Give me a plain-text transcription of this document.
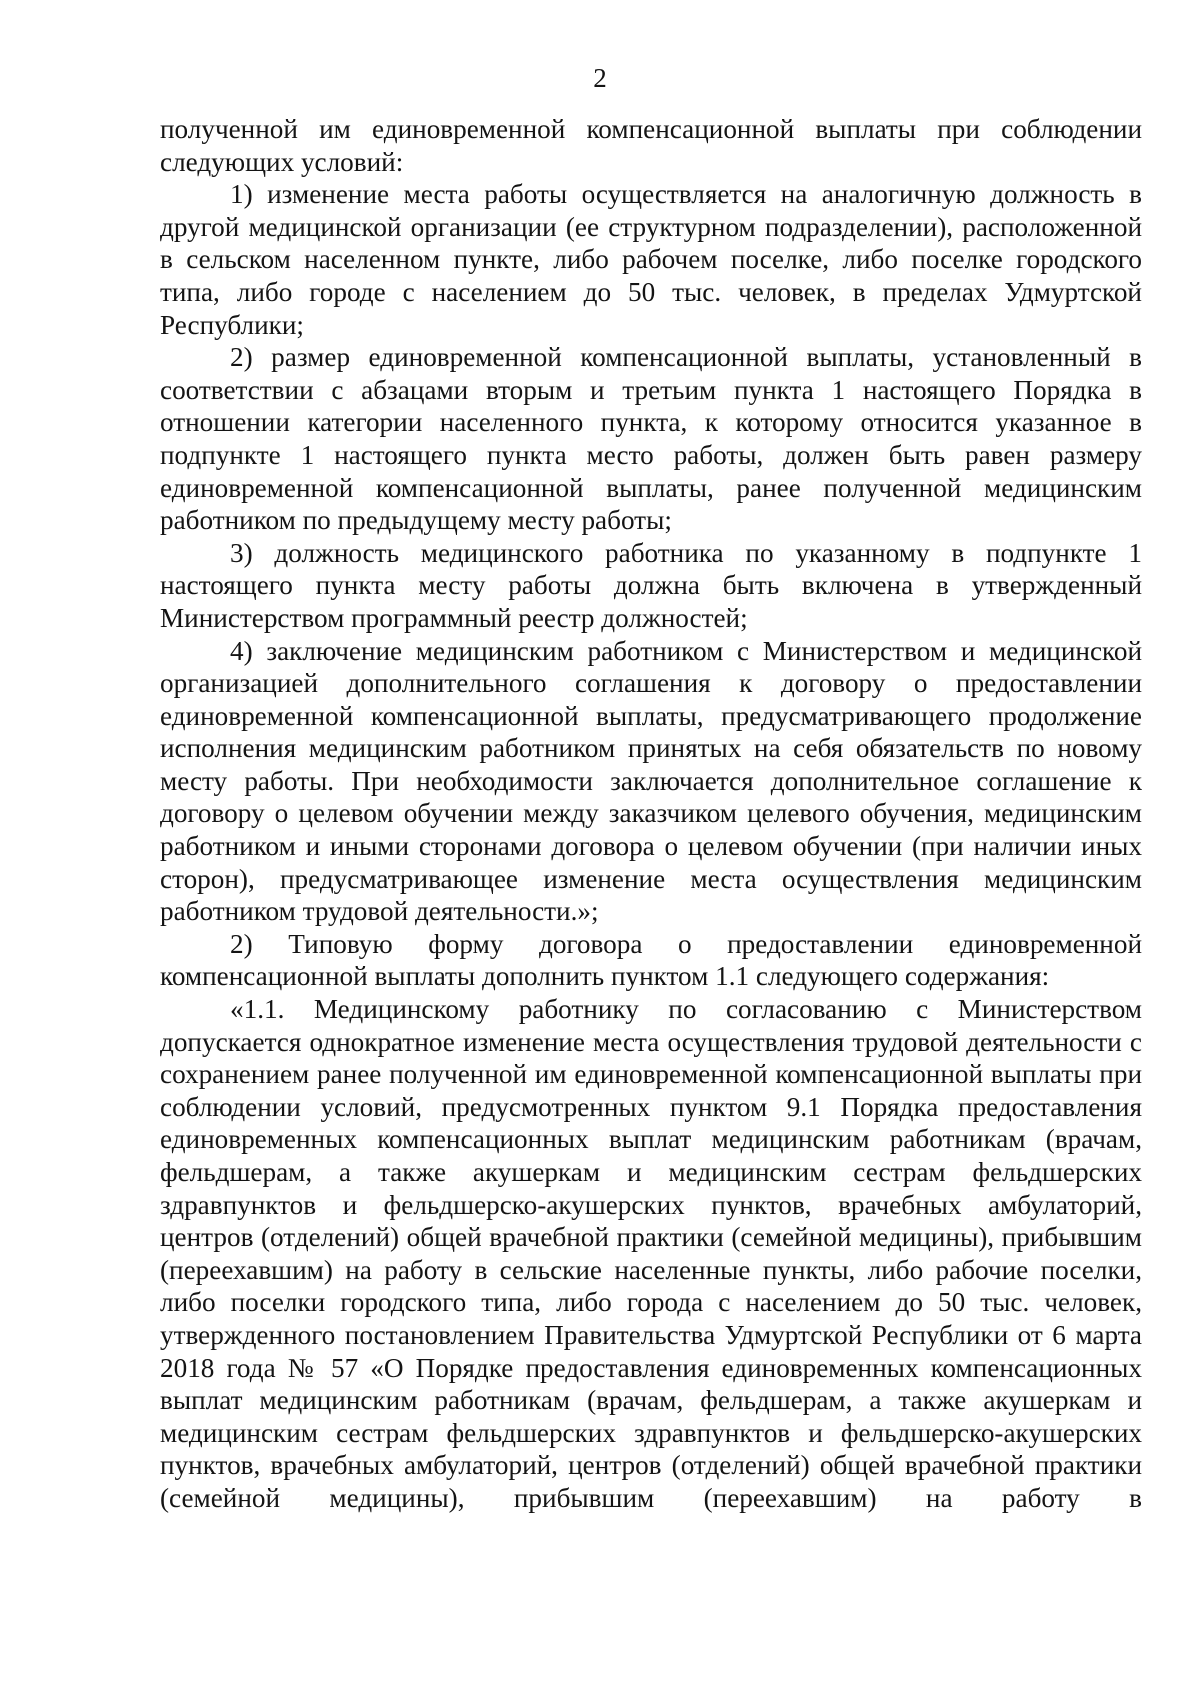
2

полученной им единовременной компенсационной выплаты при соблюдении следующих условий:

1) изменение места работы осуществляется на аналогичную должность в другой медицинской организации (ее структурном подразделении), расположенной в сельском населенном пункте, либо рабочем поселке, либо поселке городского типа, либо городе с населением до 50 тыс. человек, в пределах Удмуртской Республики;

2) размер единовременной компенсационной выплаты, установленный в соответствии с абзацами вторым и третьим пункта 1 настоящего Порядка в отношении категории населенного пункта, к которому относится указанное в подпункте 1 настоящего пункта место работы, должен быть равен размеру единовременной компенсационной выплаты, ранее полученной медицинским работником по предыдущему месту работы;

3) должность медицинского работника по указанному в подпункте 1 настоящего пункта месту работы должна быть включена в утвержденный Министерством программный реестр должностей;

4) заключение медицинским работником с Министерством и медицинской организацией дополнительного соглашения к договору о предоставлении единовременной компенсационной выплаты, предусматривающего продолжение исполнения медицинским работником принятых на себя обязательств по новому месту работы. При необходимости заключается дополнительное соглашение к договору о целевом обучении между заказчиком целевого обучения, медицинским работником и иными сторонами договора о целевом обучении (при наличии иных сторон), предусматривающее изменение места осуществления медицинским работником трудовой деятельности.»;

2) Типовую форму договора о предоставлении единовременной компенсационной выплаты дополнить пунктом 1.1 следующего содержания:

«1.1. Медицинскому работнику по согласованию с Министерством допускается однократное изменение места осуществления трудовой деятельности с сохранением ранее полученной им единовременной компенсационной выплаты при соблюдении условий, предусмотренных пунктом 9.1 Порядка предоставления единовременных компенсационных выплат медицинским работникам (врачам, фельдшерам, а также акушеркам и медицинским сестрам фельдшерских здравпунктов и фельдшерско-акушерских пунктов, врачебных амбулаторий, центров (отделений) общей врачебной практики (семейной медицины), прибывшим (переехавшим) на работу в сельские населенные пункты, либо рабочие поселки, либо поселки городского типа, либо города с населением до 50 тыс. человек, утвержденного постановлением Правительства Удмуртской Республики от 6 марта 2018 года № 57 «О Порядке предоставления единовременных компенсационных выплат медицинским работникам (врачам, фельдшерам, а также акушеркам и медицинским сестрам фельдшерских здравпунктов и фельдшерско-акушерских пунктов, врачебных амбулаторий, центров (отделений) общей врачебной практики (семейной медицины), прибывшим (переехавшим) на работу в
